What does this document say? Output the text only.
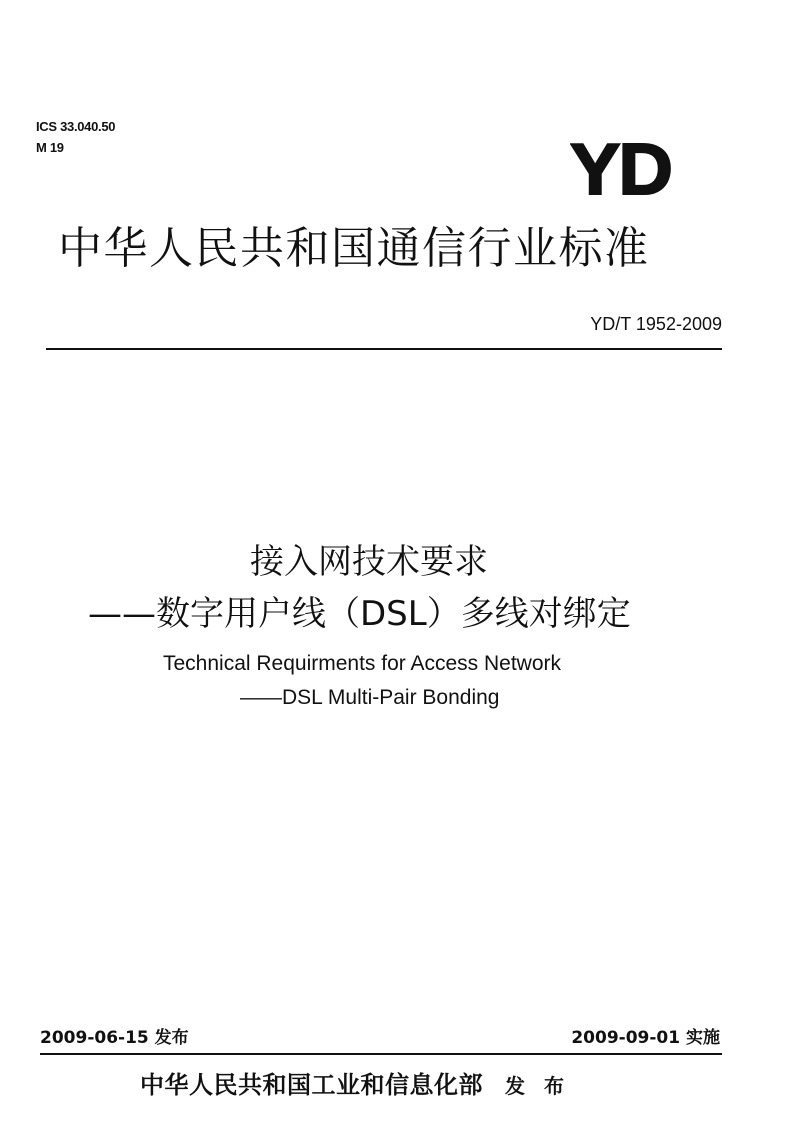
ICS 33.040.50
M 19	YD
中华人民共和国通信行业标准
YD/T 1952-2009
接入网技术要求
——数字用户线（DSL）多线对绑定
Technical Requirments for Access Network
——DSL Multi-Pair Bonding
2009-06-15 发布	2009-09-01 实施
中华人民共和国工业和信息化部 发 布
